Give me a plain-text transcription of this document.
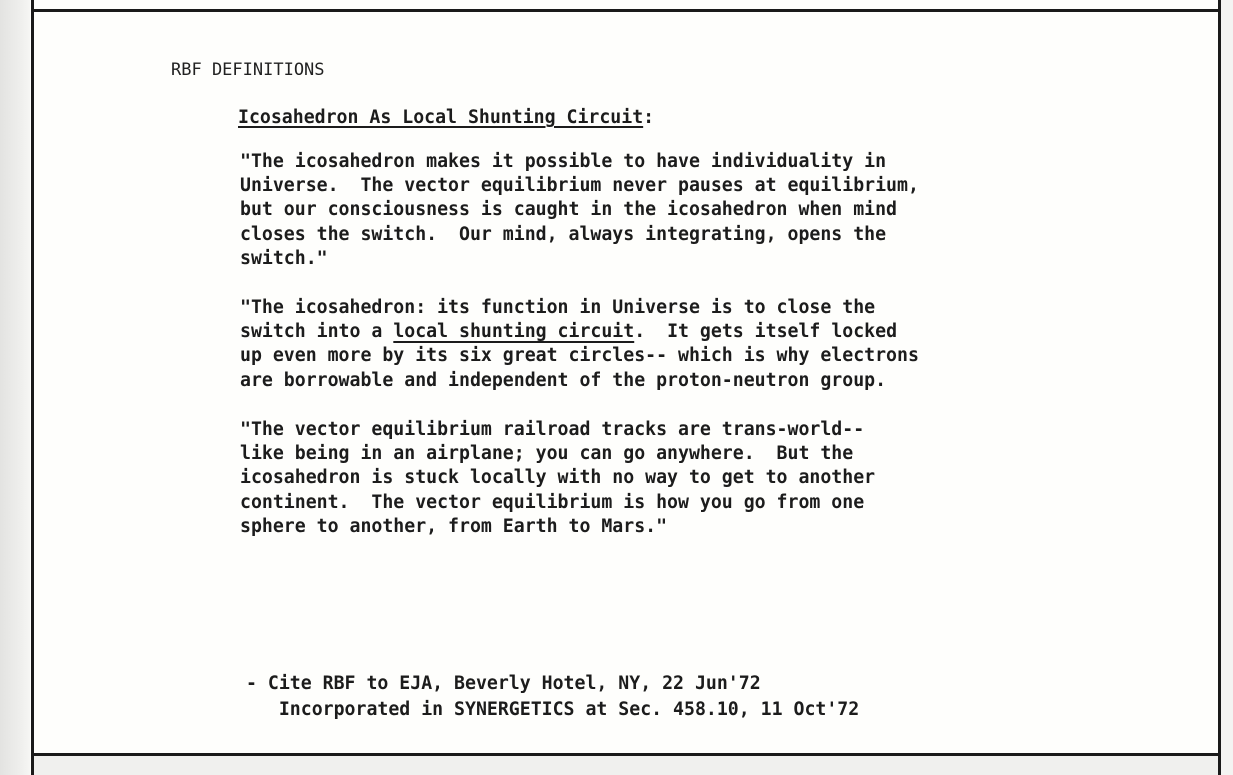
RBF DEFINITIONS
Icosahedron As Local Shunting Circuit:
"The icosahedron makes it possible to have individuality in
Universe.  The vector equilibrium never pauses at equilibrium,
but our consciousness is caught in the icosahedron when mind
closes the switch.  Our mind, always integrating, opens the
switch."
"The icosahedron: its function in Universe is to close the
switch into a local shunting circuit.  It gets itself locked
up even more by its six great circles-- which is why electrons
are borrowable and independent of the proton-neutron group.
"The vector equilibrium railroad tracks are trans-world--
like being in an airplane; you can go anywhere.  But the
icosahedron is stuck locally with no way to get to another
continent.  The vector equilibrium is how you go from one
sphere to another, from Earth to Mars."
- Cite RBF to EJA, Beverly Hotel, NY, 22 Jun'72
Incorporated in SYNERGETICS at Sec. 458.10, 11 Oct'72
